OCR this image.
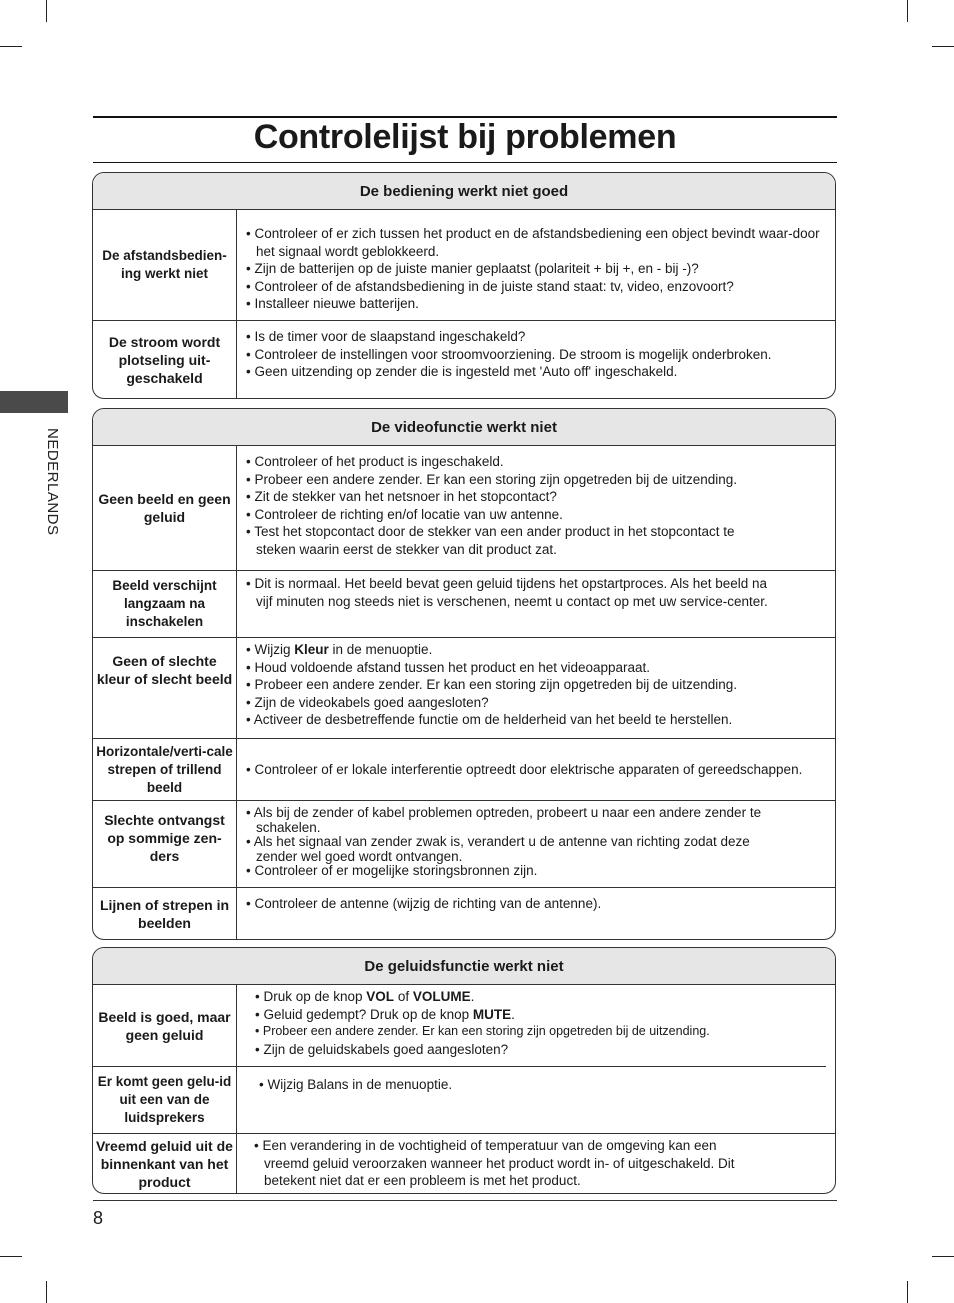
NEDERLANDS
Controlelijst bij problemen
De bediening werkt niet goed
De afstandsbedien-ing werkt niet
• Controleer of er zich tussen het product en de afstandsbediening een object bevindt waar-door het signaal wordt geblokkeerd.
• Zijn de batterijen op de juiste manier geplaatst (polariteit + bij +, en - bij -)?
• Controleer of de afstandsbediening in de juiste stand staat: tv, video, enzovoort?
• Installeer nieuwe batterijen.
De stroom wordt plotseling uit-geschakeld
• Is de timer voor de slaapstand ingeschakeld?
• Controleer de instellingen voor stroomvoorziening. De stroom is mogelijk onderbroken.
• Geen uitzending op zender die is ingesteld met 'Auto off' ingeschakeld.
De videofunctie werkt niet
Geen beeld en geen geluid
• Controleer of het product is ingeschakeld.
• Probeer een andere zender. Er kan een storing zijn opgetreden bij de uitzending.
• Zit de stekker van het netsnoer in het stopcontact?
• Controleer de richting en/of locatie van uw antenne.
• Test het stopcontact door de stekker van een ander product in het stopcontact te steken waarin eerst de stekker van dit product zat.
Beeld verschijnt langzaam na inschakelen
• Dit is normaal. Het beeld bevat geen geluid tijdens het opstartproces. Als het beeld na vijf minuten nog steeds niet is verschenen, neemt u contact op met uw service-center.
Geen of slechte kleur of slecht beeld
• Wijzig Kleur in de menuoptie.
• Houd voldoende afstand tussen het product en het videoapparaat.
• Probeer een andere zender. Er kan een storing zijn opgetreden bij de uitzending.
• Zijn de videokabels goed aangesloten?
• Activeer de desbetreffende functie om de helderheid van het beeld te herstellen.
Horizontale/verti-cale strepen of trillend beeld
• Controleer of er lokale interferentie optreedt door elektrische apparaten of gereedschappen.
Slechte ontvangst op sommige zen-ders
• Als bij de zender of kabel problemen optreden, probeert u naar een andere zender te schakelen.
• Als het signaal van zender zwak is, verandert u de antenne van richting zodat deze zender wel goed wordt ontvangen.
• Controleer of er mogelijke storingsbronnen zijn.
Lijnen of strepen in beelden
• Controleer de antenne (wijzig de richting van de antenne).
De geluidsfunctie werkt niet
Beeld is goed, maar geen geluid
• Druk op de knop VOL of VOLUME.
• Geluid gedempt? Druk op de knop MUTE.
• Probeer een andere zender. Er kan een storing zijn opgetreden bij de uitzending.
• Zijn de geluidskabels goed aangesloten?
Er komt geen gelu-id uit een van de luidsprekers
• Wijzig Balans in de menuoptie.
Vreemd geluid uit de binnenkant van het product
• Een verandering in de vochtigheid of temperatuur van de omgeving kan een vreemd geluid veroorzaken wanneer het product wordt in- of uitgeschakeld. Dit betekent niet dat er een probleem is met het product.
8
